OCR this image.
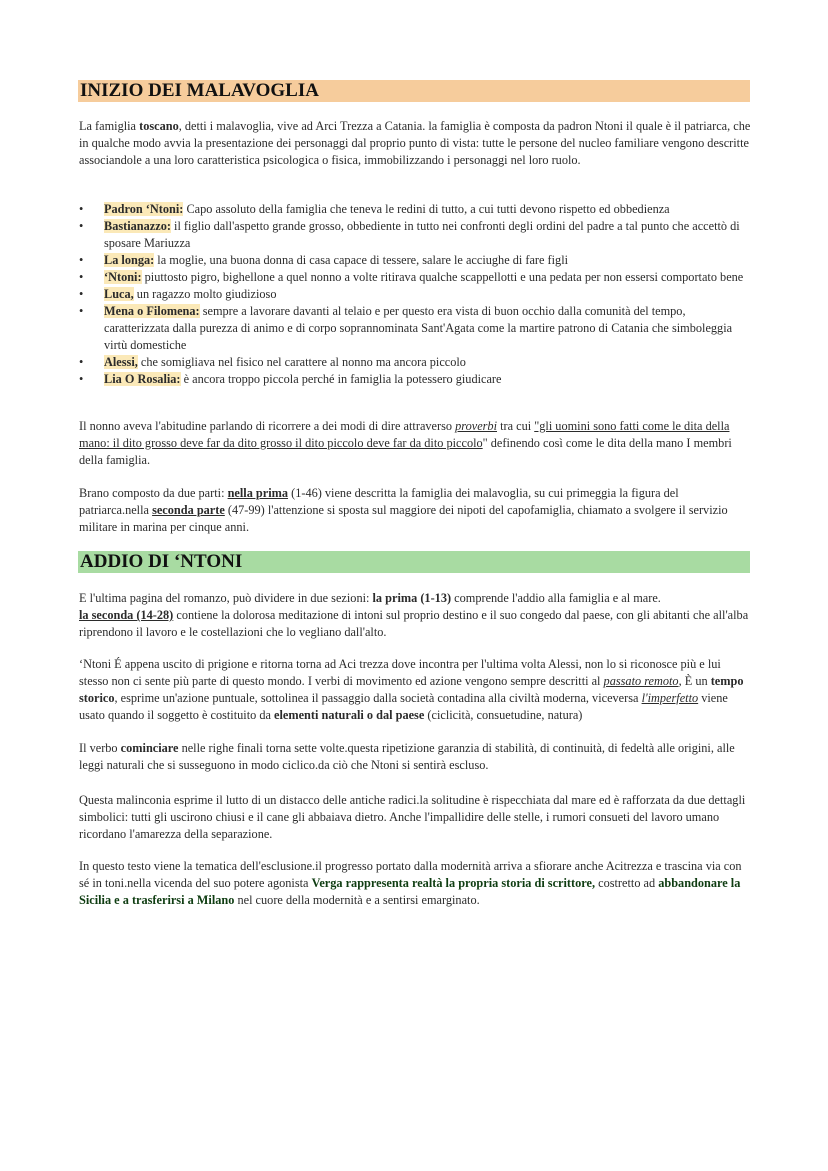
INIZIO DEI MALAVOGLIA

La famiglia toscano, detti i malavoglia, vive ad Arci Trezza a Catania. la famiglia è composta da padron Ntoni il quale è il patriarca, che in qualche modo avvia la presentazione dei personaggi dal proprio punto di vista: tutte le persone del nucleo familiare vengono descritte associandole a una loro caratteristica psicologica o fisica, immobilizzando i personaggi nel loro ruolo.

• Padron ‘Ntoni: Capo assoluto della famiglia che teneva le redini di tutto, a cui tutti devono rispetto ed obbedienza
• Bastianazzo: il figlio dall'aspetto grande grosso, obbediente in tutto nei confronti degli ordini del padre a tal punto che accettò di sposare Mariuzza
• La longa: la moglie, una buona donna di casa capace di tessere, salare le acciughe di fare figli
• ‘Ntoni: piuttosto pigro, bighellone a quel nonno a volte ritirava qualche scappellotti e una pedata per non essersi comportato bene
• Luca, un ragazzo molto giudizioso
• Mena o Filomena: sempre a lavorare davanti al telaio e per questo era vista di buon occhio dalla comunità del tempo, caratterizzata dalla purezza di animo e di corpo soprannominata Sant'Agata come la martire patrono di Catania che simboleggia virtù domestiche
• Alessi, che somigliava nel fisico nel carattere al nonno ma ancora piccolo
• Lia O Rosalia: è ancora troppo piccola perché in famiglia la potessero giudicare

Il nonno aveva l'abitudine parlando di ricorrere a dei modi di dire attraverso proverbi tra cui "gli uomini sono fatti come le dita della mano: il dito grosso deve far da dito grosso il dito piccolo deve far da dito piccolo" definendo così come le dita della mano I membri della famiglia.

Brano composto da due parti: nella prima (1-46) viene descritta la famiglia dei malavoglia, su cui primeggia la figura del patriarca.nella seconda parte (47-99) l'attenzione si sposta sul maggiore dei nipoti del capofamiglia, chiamato a svolgere il servizio militare in marina per cinque anni.

ADDIO DI ‘NTONI

E l'ultima pagina del romanzo, può dividere in due sezioni: la prima (1-13) comprende l'addio alla famiglia e al mare.
la seconda (14-28) contiene la dolorosa meditazione di intoni sul proprio destino e il suo congedo dal paese, con gli abitanti che all'alba riprendono il lavoro e le costellazioni che lo vegliano dall'alto.

‘Ntoni É appena uscito di prigione e ritorna torna ad Aci trezza dove incontra per l'ultima volta Alessi, non lo si riconosce più e lui stesso non ci sente più parte di questo mondo. I verbi di movimento ed azione vengono sempre descritti al passato remoto, È un tempo storico, esprime un'azione puntuale, sottolinea il passaggio dalla società contadina alla civiltà moderna, viceversa l'imperfetto viene usato quando il soggetto è costituito da elementi naturali o dal paese (ciclicità, consuetudine, natura)

Il verbo cominciare nelle righe finali torna sette volte.questa ripetizione garanzia di stabilità, di continuità, di fedeltà alle origini, alle leggi naturali che si susseguono in modo ciclico.da ciò che Ntoni si sentirà escluso.

Questa malinconia esprime il lutto di un distacco delle antiche radici.la solitudine è rispecchiata dal mare ed è rafforzata da due dettagli simbolici: tutti gli uscirono chiusi e il cane gli abbaiava dietro. Anche l'impallidire delle stelle, i rumori consueti del lavoro umano ricordano l'amarezza della separazione.

In questo testo viene la tematica dell'esclusione.il progresso portato dalla modernità arriva a sfiorare anche Acitrezza e trascina via con sé in toni.nella vicenda del suo potere agonista Verga rappresenta realtà la propria storia di scrittore, costretto ad abbandonare la Sicilia e a trasferirsi a Milano nel cuore della modernità e a sentirsi emarginato.
